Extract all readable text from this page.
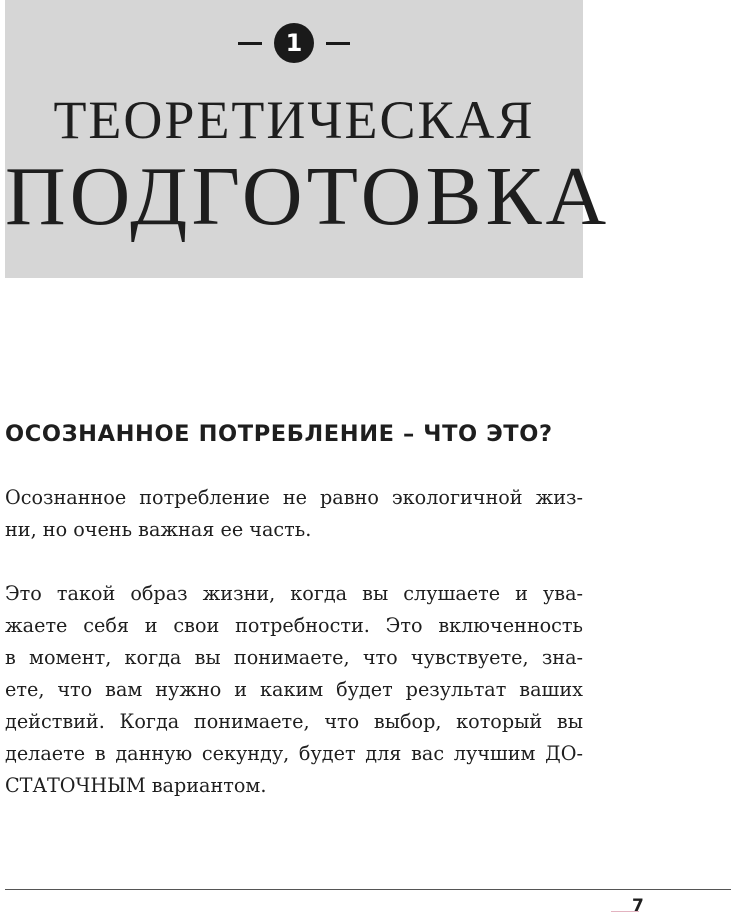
1
ТЕОРЕТИЧЕСКАЯ
ПОДГОТОВКА
ОСОЗНАННОЕ ПОТРЕБЛЕНИЕ – ЧТО ЭТО?

Осознанное потребление не равно экологичной жиз-
ни, но очень важная ее часть.

Это такой образ жизни, когда вы слушаете и ува-
жаете себя и свои потребности. Это включенность
в момент, когда вы понимаете, что чувствуете, зна-
ете, что вам нужно и каким будет результат ваших
действий. Когда понимаете, что выбор, который вы
делаете в данную секунду, будет для вас лучшим ДО-
СТАТОЧНЫМ вариантом.

7
